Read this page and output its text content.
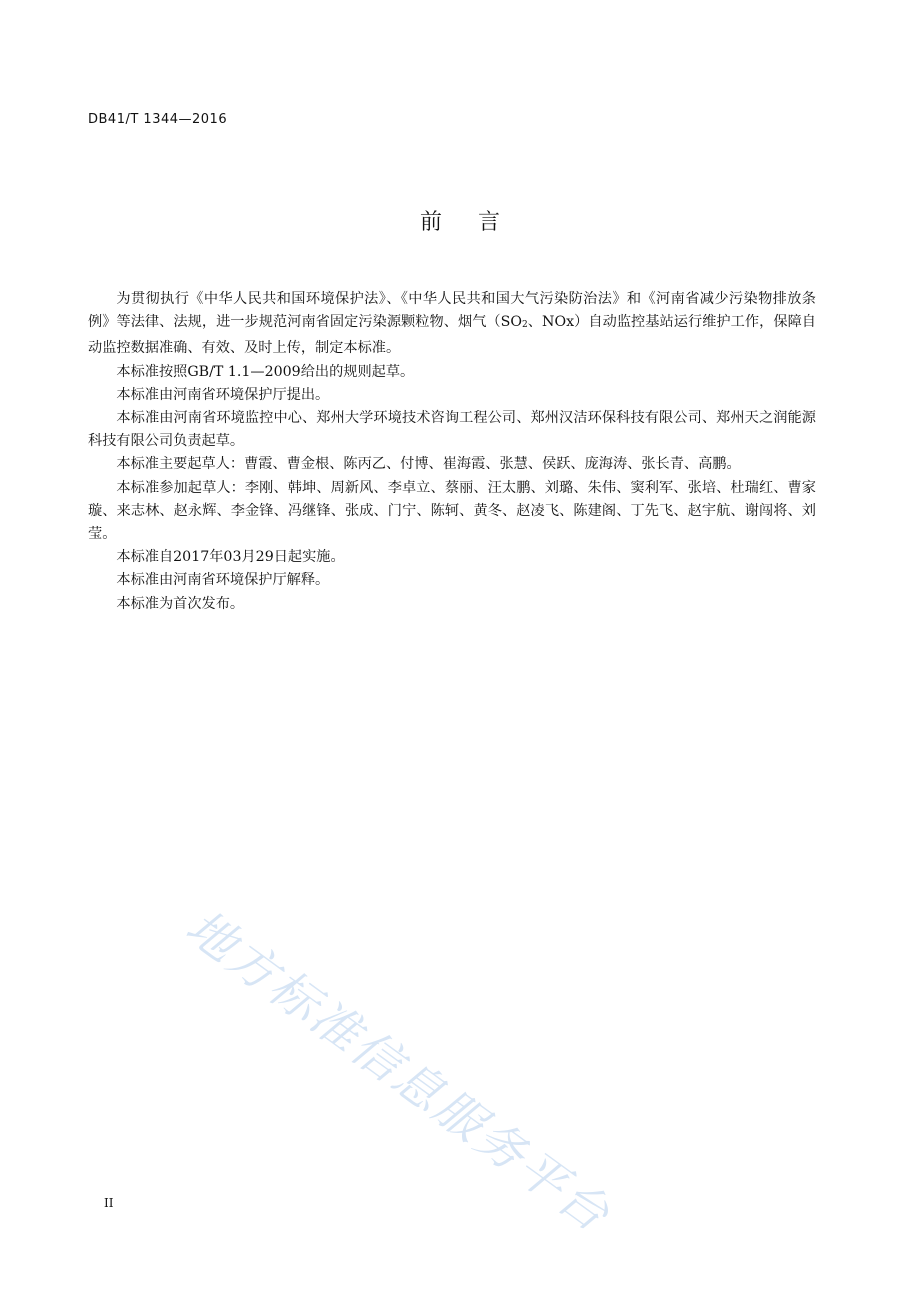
DB41/T 1344—2016
前言

为贯彻执行《中华人民共和国环境保护法》、《中华人民共和国大气污染防治法》和《河南省减少污染物排放条例》等法律、法规，进一步规范河南省固定污染源颗粒物、烟气（$SO_2$、NOx）自动监控基站运行维护工作，保障自动监控数据准确、有效、及时上传，制定本标准。

本标准按照GB/T 1.1—2009给出的规则起草。

本标准由河南省环境保护厅提出。

本标准由河南省环境监控中心、郑州大学环境技术咨询工程公司、郑州汉洁环保科技有限公司、郑州天之润能源科技有限公司负责起草。

本标准主要起草人：曹霞、曹金根、陈丙乙、付博、崔海霞、张慧、侯跃、庞海涛、张长青、高鹏。

本标准参加起草人：李刚、韩坤、周新风、李卓立、蔡丽、汪太鹏、刘璐、朱伟、窦利军、张培、杜瑞红、曹家璇、来志林、赵永辉、李金锋、冯继锋、张成、门宁、陈轲、黄冬、赵凌飞、陈建阁、丁先飞、赵宇航、谢闯将、刘莹。

本标准自2017年03月29日起实施。

本标准由河南省环境保护厅解释。

本标准为首次发布。

地方标准信息服务平台
II
